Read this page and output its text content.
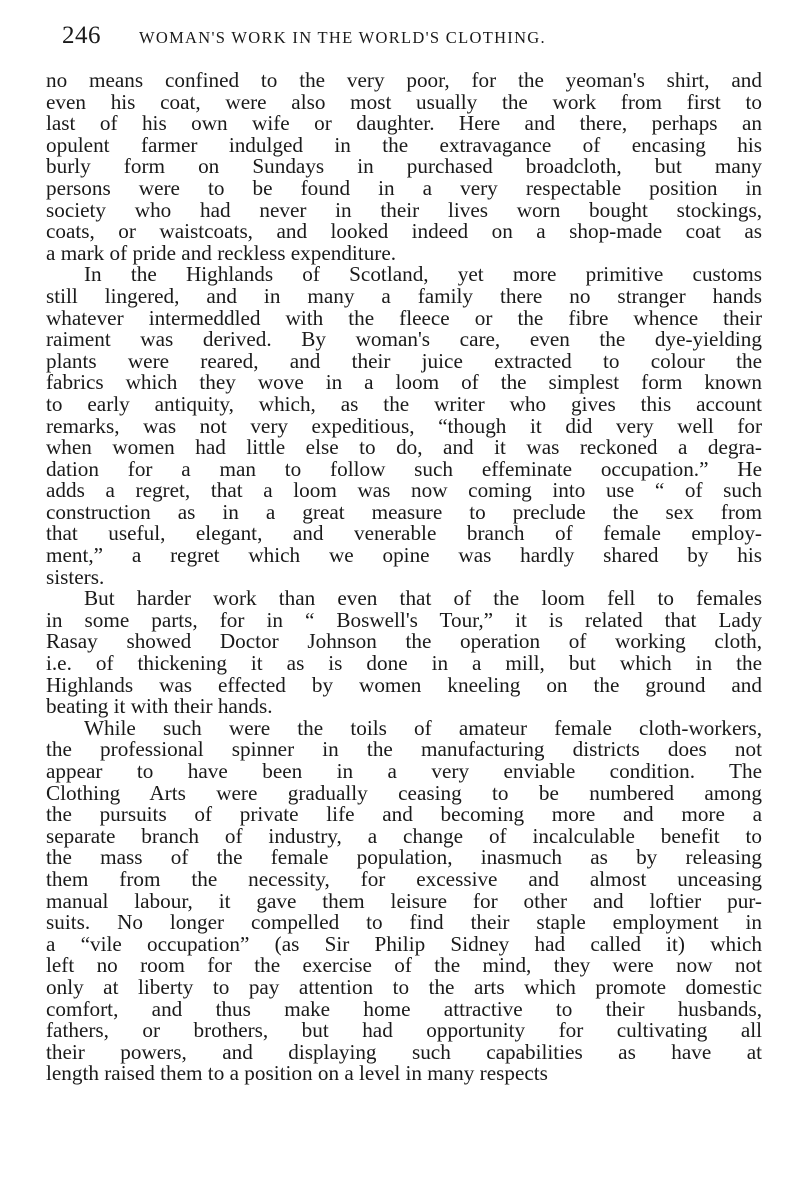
246 WOMAN'S WORK IN THE WORLD'S CLOTHING.
no means confined to the very poor, for the yeoman's shirt, and
even his coat, were also most usually the work from first to
last of his own wife or daughter. Here and there, perhaps an
opulent farmer indulged in the extravagance of encasing his
burly form on Sundays in purchased broadcloth, but many
persons were to be found in a very respectable position in
society who had never in their lives worn bought stockings,
coats, or waistcoats, and looked indeed on a shop-made coat as
a mark of pride and reckless expenditure.
In the Highlands of Scotland, yet more primitive customs
still lingered, and in many a family there no stranger hands
whatever intermeddled with the fleece or the fibre whence their
raiment was derived. By woman's care, even the dye-yielding
plants were reared, and their juice extracted to colour the
fabrics which they wove in a loom of the simplest form known
to early antiquity, which, as the writer who gives this account
remarks, was not very expeditious, “though it did very well for
when women had little else to do, and it was reckoned a degra-
dation for a man to follow such effeminate occupation.” He
adds a regret, that a loom was now coming into use “ of such
construction as in a great measure to preclude the sex from
that useful, elegant, and venerable branch of female employ-
ment,” a regret which we opine was hardly shared by his
sisters.
But harder work than even that of the loom fell to females
in some parts, for in “ Boswell's Tour,” it is related that Lady
Rasay showed Doctor Johnson the operation of working cloth,
i.e. of thickening it as is done in a mill, but which in the
Highlands was effected by women kneeling on the ground and
beating it with their hands.
While such were the toils of amateur female cloth-workers,
the professional spinner in the manufacturing districts does not
appear to have been in a very enviable condition. The
Clothing Arts were gradually ceasing to be numbered among
the pursuits of private life and becoming more and more a
separate branch of industry, a change of incalculable benefit to
the mass of the female population, inasmuch as by releasing
them from the necessity, for excessive and almost unceasing
manual labour, it gave them leisure for other and loftier pur-
suits. No longer compelled to find their staple employment in
a “vile occupation” (as Sir Philip Sidney had called it) which
left no room for the exercise of the mind, they were now not
only at liberty to pay attention to the arts which promote domestic
comfort, and thus make home attractive to their husbands,
fathers, or brothers, but had opportunity for cultivating all
their powers, and displaying such capabilities as have at
length raised them to a position on a level in many respects
